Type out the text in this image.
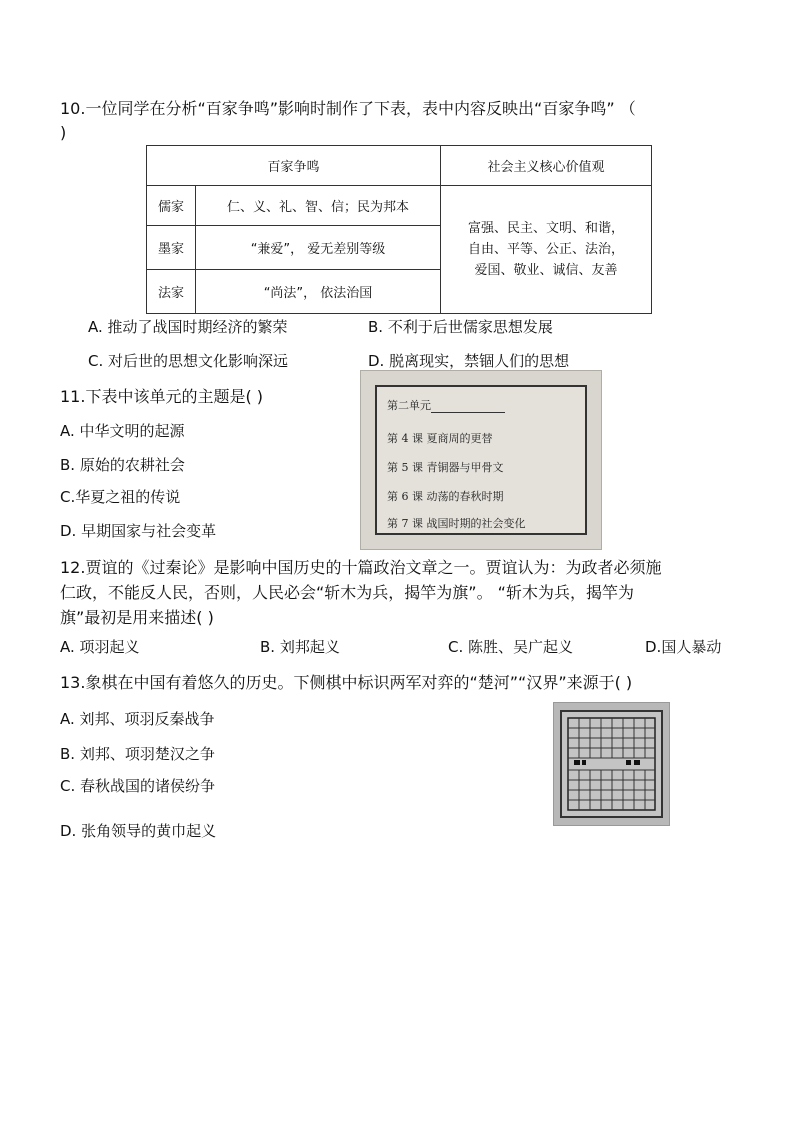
10.一位同学在分析“百家争鸣”影响时制作了下表，表中内容反映出“百家争鸣” （
)
百家争鸣		社会主义核心价值观
儒家	仁、义、礼、智、信；民为邦本	富强、民主、文明、和谐，
自由、平等、公正、法治，
爱国、敬业、诚信、友善

墨家	“兼爱”， 爱无差别等级	
法家	“尚法”， 依法治国	
A. 推动了战国时期经济的繁荣	B. 不利于后世儒家思想发展
C. 对后世的思想文化影响深远	D. 脱离现实，禁锢人们的思想
11.下表中该单元的主题是( )
A. 中华文明的起源
B. 原始的农耕社会
C.华夏之祖的传说
D. 早期国家与社会变革
第二单元
第 4 课 夏商周的更替
第 5 课 青铜器与甲骨文
第 6 课 动荡的春秋时期
第 7 课 战国时期的社会变化
12.贾谊的《过秦论》是影响中国历史的十篇政治文章之一。贾谊认为：为政者必须施
仁政，不能反人民，否则，人民必会“斩木为兵，揭竿为旗”。 “斩木为兵，揭竿为
旗”最初是用来描述( )
A. 项羽起义	B. 刘邦起义	C. 陈胜、吴广起义	D.国人暴动
13.象棋在中国有着悠久的历史。下侧棋中标识两军对弈的“楚河”“汉界”来源于( )
A. 刘邦、项羽反秦战争
B. 刘邦、项羽楚汉之争
C. 春秋战国的诸侯纷争
D. 张角领导的黄巾起义
